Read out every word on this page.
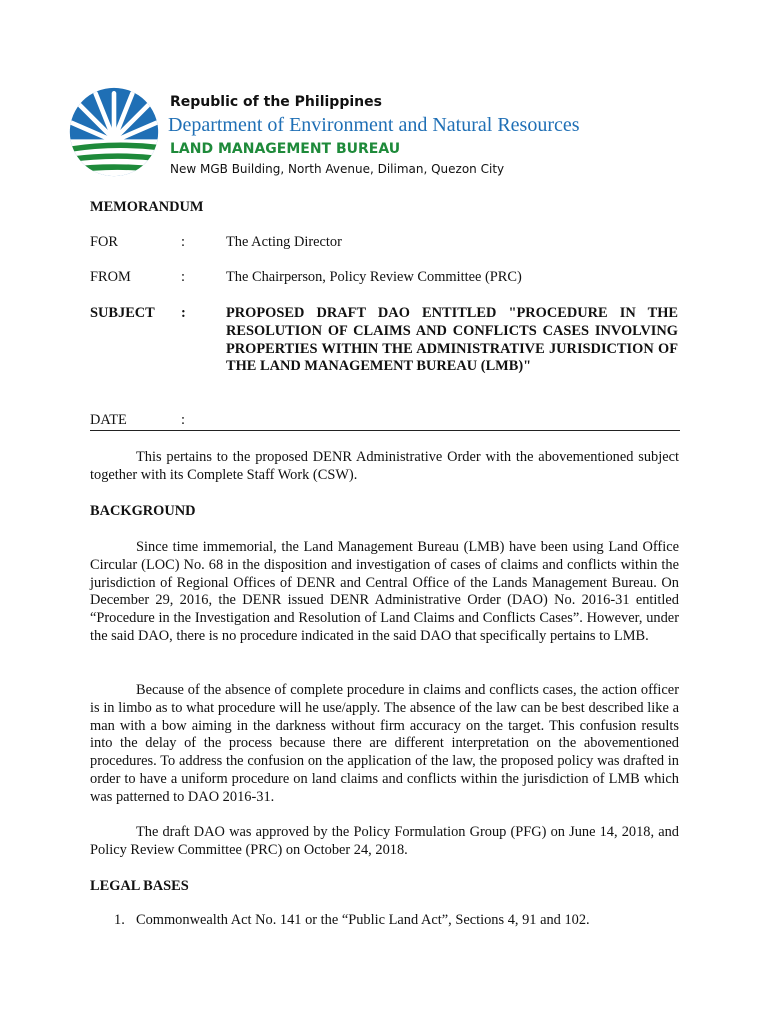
Republic of the Philippines
Department of Environment and Natural Resources
LAND MANAGEMENT BUREAU
New MGB Building, North Avenue, Diliman, Quezon City
MEMORANDUM
FOR	:	The Acting Director
FROM	:	The Chairperson, Policy Review Committee (PRC)
SUBJECT :	PROPOSED DRAFT DAO ENTITLED "PROCEDURE IN THE RESOLUTION OF CLAIMS AND CONFLICTS CASES INVOLVING PROPERTIES WITHIN THE ADMINISTRATIVE JURISDICTION OF THE LAND MANAGEMENT BUREAU (LMB)"
DATE	:

This pertains to the proposed DENR Administrative Order with the abovementioned subject together with its Complete Staff Work (CSW).

BACKGROUND

Since time immemorial, the Land Management Bureau (LMB) have been using Land Office Circular (LOC) No. 68 in the disposition and investigation of cases of claims and conflicts within the jurisdiction of Regional Offices of DENR and Central Office of the Lands Management Bureau. On December 29, 2016, the DENR issued DENR Administrative Order (DAO) No. 2016-31 entitled “Procedure in the Investigation and Resolution of Land Claims and Conflicts Cases”. However, under the said DAO, there is no procedure indicated in the said DAO that specifically pertains to LMB.

Because of the absence of complete procedure in claims and conflicts cases, the action officer is in limbo as to what procedure will he use/apply. The absence of the law can be best described like a man with a bow aiming in the darkness without firm accuracy on the target. This confusion results into the delay of the process because there are different interpretation on the abovementioned procedures. To address the confusion on the application of the law, the proposed policy was drafted in order to have a uniform procedure on land claims and conflicts within the jurisdiction of LMB which was patterned to DAO 2016-31.

The draft DAO was approved by the Policy Formulation Group (PFG) on June 14, 2018, and Policy Review Committee (PRC) on October 24, 2018.

LEGAL BASES
1. Commonwealth Act No. 141 or the “Public Land Act”, Sections 4, 91 and 102.
